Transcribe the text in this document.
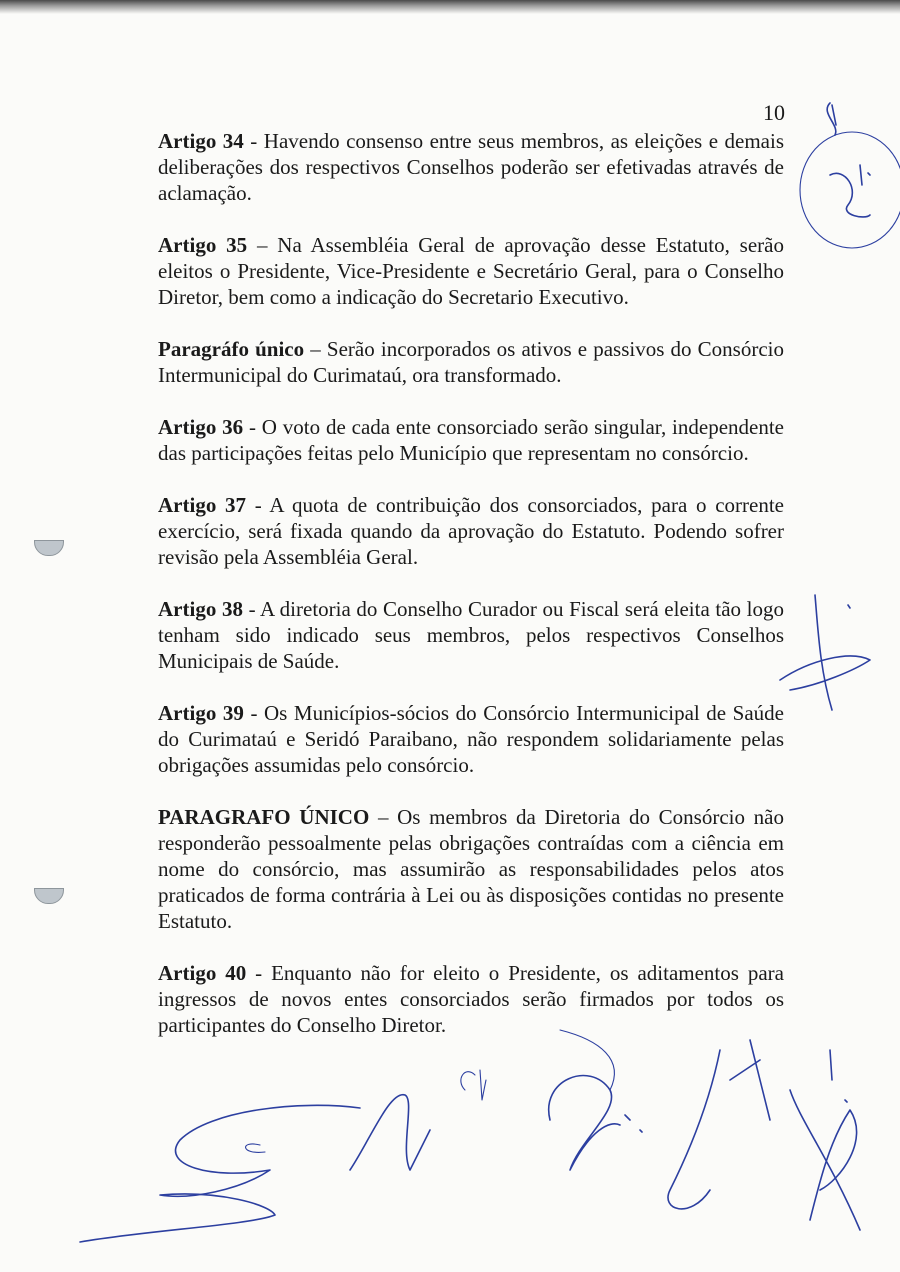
10

Artigo 34 - Havendo consenso entre seus membros, as eleições e demais deliberações dos respectivos Conselhos poderão ser efetivadas através de aclamação.

Artigo 35 – Na Assembléia Geral de aprovação desse Estatuto, serão eleitos o Presidente, Vice-Presidente e Secretário Geral, para o Conselho Diretor, bem como a indicação do Secretario Executivo.

Paragráfo único – Serão incorporados os ativos e passivos do Consórcio Intermunicipal do Curimataú, ora transformado.

Artigo 36 - O voto de cada ente consorciado serão singular, independente das participações feitas pelo Município que representam no consórcio.

Artigo 37 - A quota de contribuição dos consorciados, para o corrente exercício, será fixada quando da aprovação do Estatuto. Podendo sofrer revisão pela Assembléia Geral.

Artigo 38 - A diretoria do Conselho Curador ou Fiscal será eleita tão logo tenham sido indicado seus membros, pelos respectivos Conselhos Municipais de Saúde.

Artigo 39 - Os Municípios-sócios do Consórcio Intermunicipal de Saúde do Curimataú e Seridó Paraibano, não respondem solidariamente pelas obrigações assumidas pelo consórcio.

PARAGRAFO ÚNICO – Os membros da Diretoria do Consórcio não responderão pessoalmente pelas obrigações contraídas com a ciência em nome do consórcio, mas assumirão as responsabilidades pelos atos praticados de forma contrária à Lei ou às disposições contidas no presente Estatuto.

Artigo 40 - Enquanto não for eleito o Presidente, os aditamentos para ingressos de novos entes consorciados serão firmados por todos os participantes do Conselho Diretor.
